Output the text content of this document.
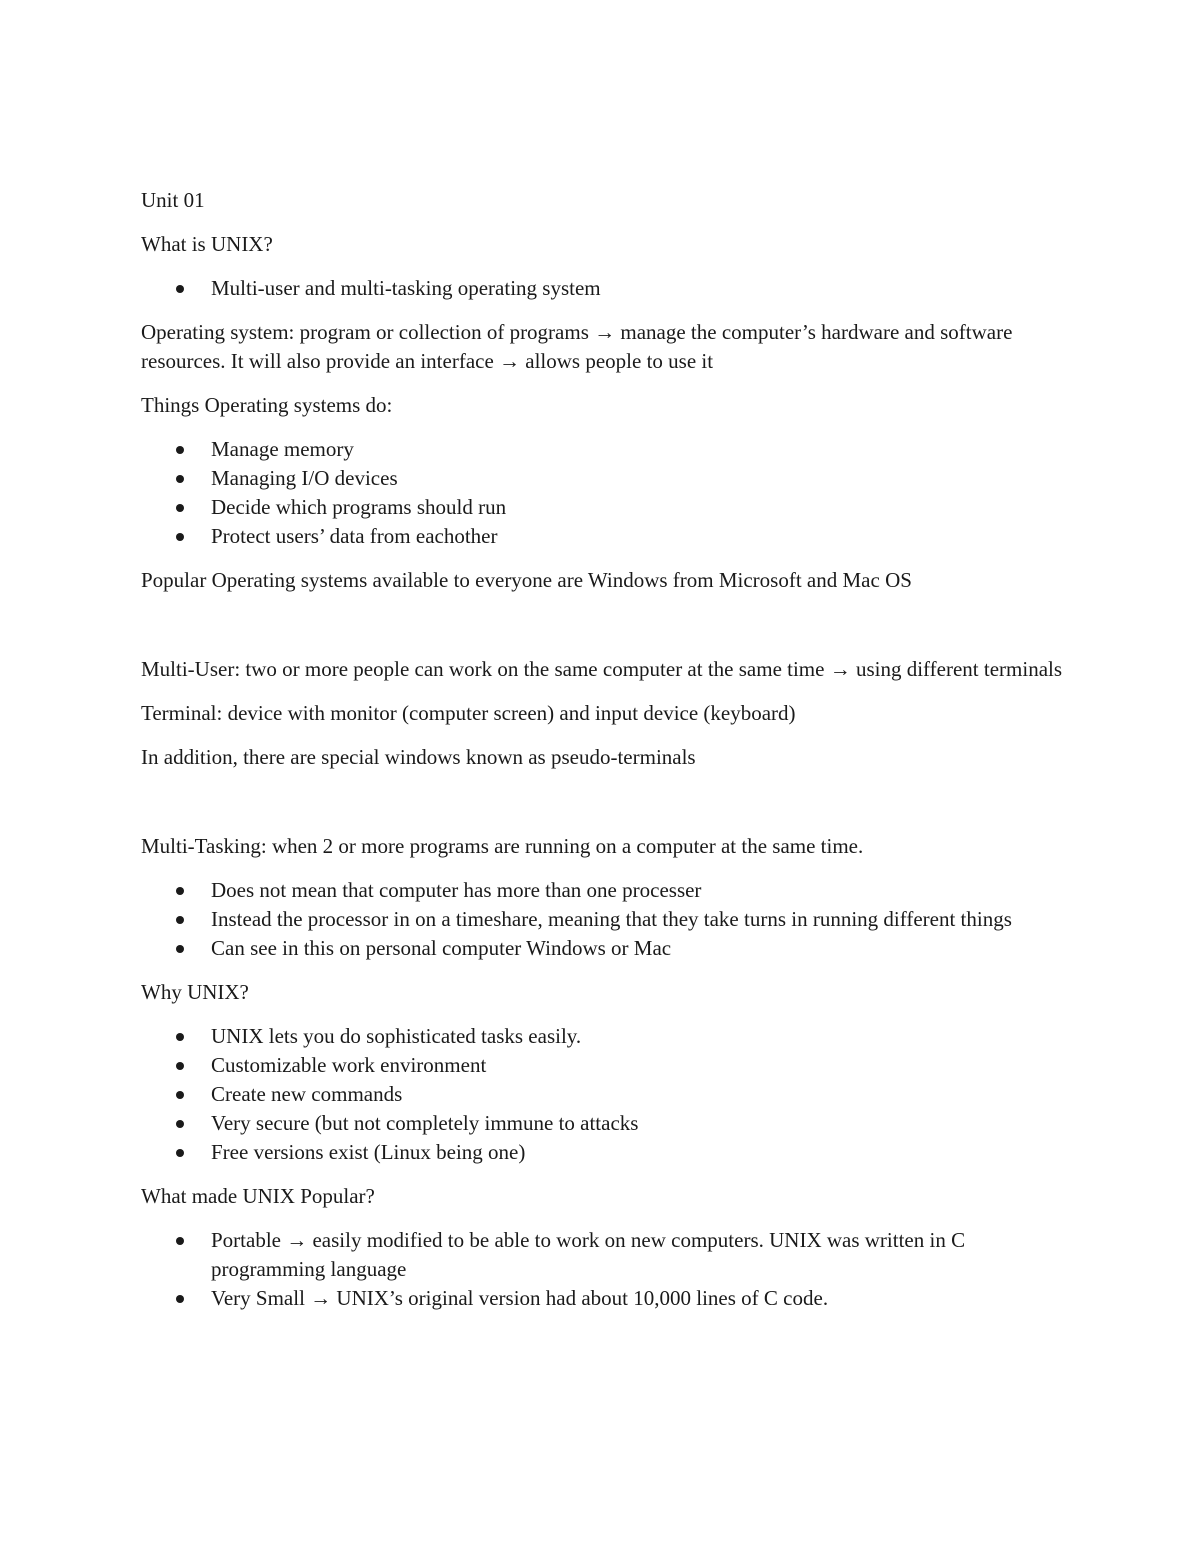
Unit 01

What is UNIX?

Multi-user and multi-tasking operating system

Operating system: program or collection of programs → manage the computer’s hardware and software resources. It will also provide an interface → allows people to use it

Things Operating systems do:

Manage memory
Managing I/O devices
Decide which programs should run
Protect users’ data from eachother

Popular Operating systems available to everyone are Windows from Microsoft and Mac OS

Multi-User: two or more people can work on the same computer at the same time → using different terminals

Terminal: device with monitor (computer screen) and input device (keyboard)

In addition, there are special windows known as pseudo-terminals

Multi-Tasking: when 2 or more programs are running on a computer at the same time.

Does not mean that computer has more than one processer
Instead the processor in on a timeshare, meaning that they take turns in running different things
Can see in this on personal computer Windows or Mac

Why UNIX?

UNIX lets you do sophisticated tasks easily.
Customizable work environment
Create new commands
Very secure (but not completely immune to attacks
Free versions exist (Linux being one)

What made UNIX Popular?

Portable → easily modified to be able to work on new computers. UNIX was written in C programming language
Very Small → UNIX’s original version had about 10,000 lines of C code.
